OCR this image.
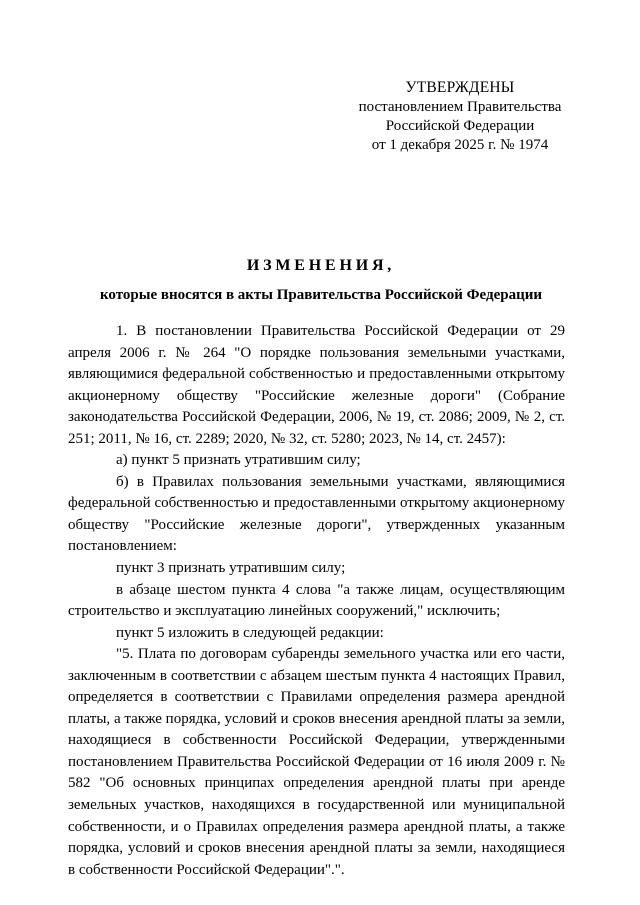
УТВЕРЖДЕНЫ
постановлением Правительства
Российской Федерации
от 1 декабря 2025 г. № 1974
ИЗМЕНЕНИЯ,
которые вносятся в акты Правительства Российской Федерации

1. В постановлении Правительства Российской Федерации от 29 апреля 2006 г. № 264 "О порядке пользования земельными участками, являющимися федеральной собственностью и предоставленными открытому акционерному обществу "Российские железные дороги" (Собрание законодательства Российской Федерации, 2006, № 19, ст. 2086; 2009, № 2, ст. 251; 2011, № 16, ст. 2289; 2020, № 32, ст. 5280; 2023, № 14, ст. 2457):

а) пункт 5 признать утратившим силу;

б) в Правилах пользования земельными участками, являющимися федеральной собственностью и предоставленными открытому акционерному обществу "Российские железные дороги", утвержденных указанным постановлением:

пункт 3 признать утратившим силу;

в абзаце шестом пункта 4 слова "а также лицам, осуществляющим строительство и эксплуатацию линейных сооружений," исключить;

пункт 5 изложить в следующей редакции:

"5. Плата по договорам субаренды земельного участка или его части, заключенным в соответствии с абзацем шестым пункта 4 настоящих Правил, определяется в соответствии с Правилами определения размера арендной платы, а также порядка, условий и сроков внесения арендной платы за земли, находящиеся в собственности Российской Федерации, утвержденными постановлением Правительства Российской Федерации от 16 июля 2009 г. № 582 "Об основных принципах определения арендной платы при аренде земельных участков, находящихся в государственной или муниципальной собственности, и о Правилах определения размера арендной платы, а также порядка, условий и сроков внесения арендной платы за земли, находящиеся в собственности Российской Федерации".".
